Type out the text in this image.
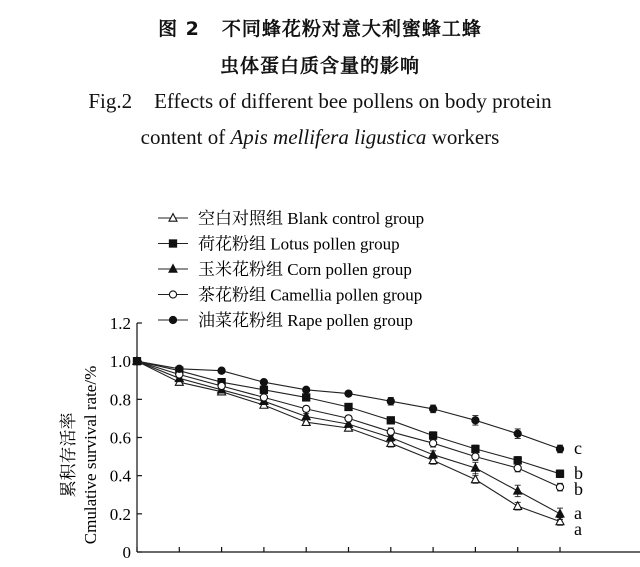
图 2 不同蜂花粉对意大利蜜蜂工蜂
虫体蛋白质含量的影响
Fig.2 Effects of different bee pollens on body protein
content of Apis mellifera ligustica workers
0
0.2
0.4
0.6
0.8
1.0
1.2
c
b
b
a
a
空白对照组 Blank control group
荷花粉组 Lotus pollen group
玉米花粉组 Corn pollen group
茶花粉组 Camellia pollen group
油菜花粉组 Rape pollen group
累积存活率 Cmulative survival rate/%
